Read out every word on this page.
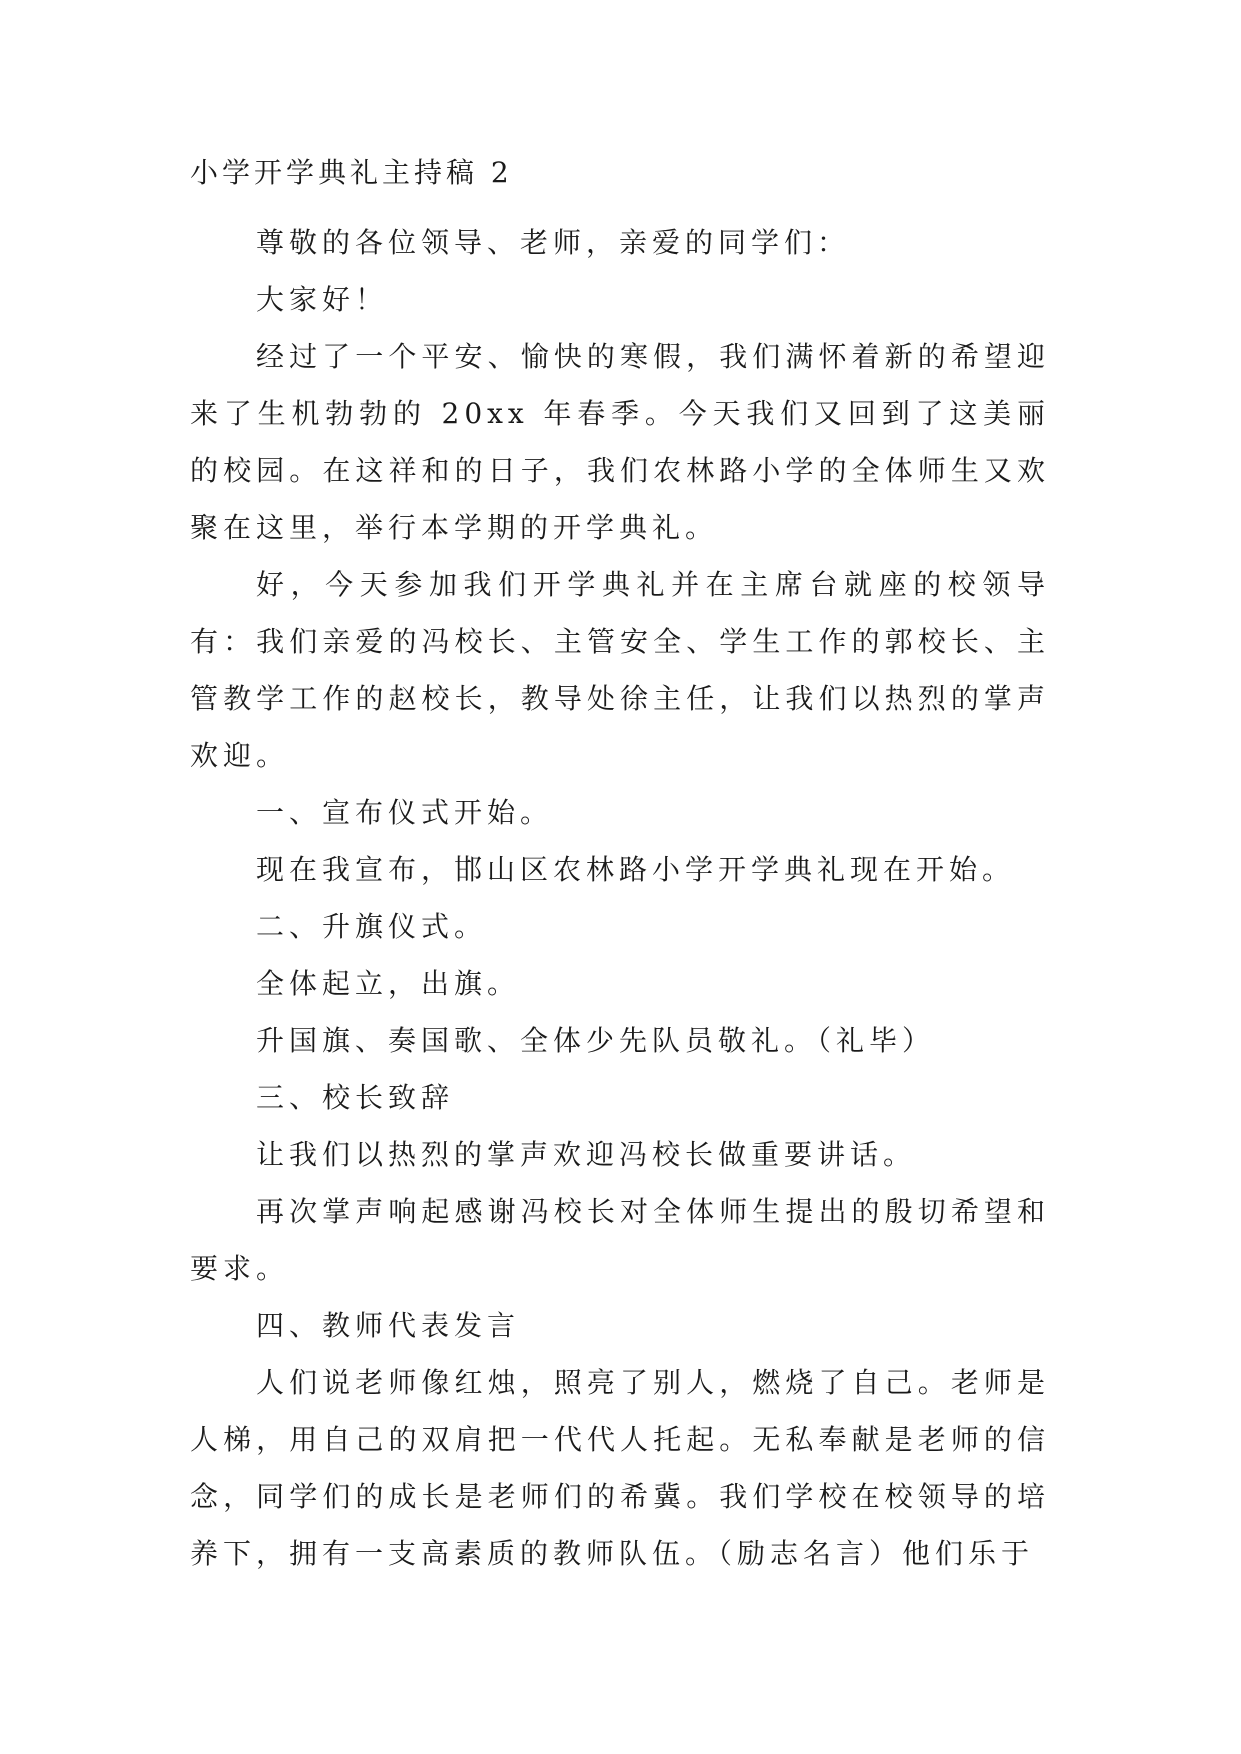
小学开学典礼主持稿 2

尊敬的各位领导、老师，亲爱的同学们：

大家好！

经过了一个平安、愉快的寒假，我们满怀着新的希望迎来了生机勃勃的 20xx 年春季。今天我们又回到了这美丽的校园。在这祥和的日子，我们农林路小学的全体师生又欢聚在这里，举行本学期的开学典礼。

好，今天参加我们开学典礼并在主席台就座的校领导有：我们亲爱的冯校长、主管安全、学生工作的郭校长、主管教学工作的赵校长，教导处徐主任，让我们以热烈的掌声欢迎。

一、宣布仪式开始。

现在我宣布，邯山区农林路小学开学典礼现在开始。

二、升旗仪式。

全体起立，出旗。

升国旗、奏国歌、全体少先队员敬礼。（礼毕）

三、校长致辞

让我们以热烈的掌声欢迎冯校长做重要讲话。

再次掌声响起感谢冯校长对全体师生提出的殷切希望和要求。

四、教师代表发言

人们说老师像红烛，照亮了别人，燃烧了自己。老师是人梯，用自己的双肩把一代代人托起。无私奉献是老师的信念，同学们的成长是老师们的希冀。我们学校在校领导的培养下，拥有一支高素质的教师队伍。（励志名言）他们乐于
